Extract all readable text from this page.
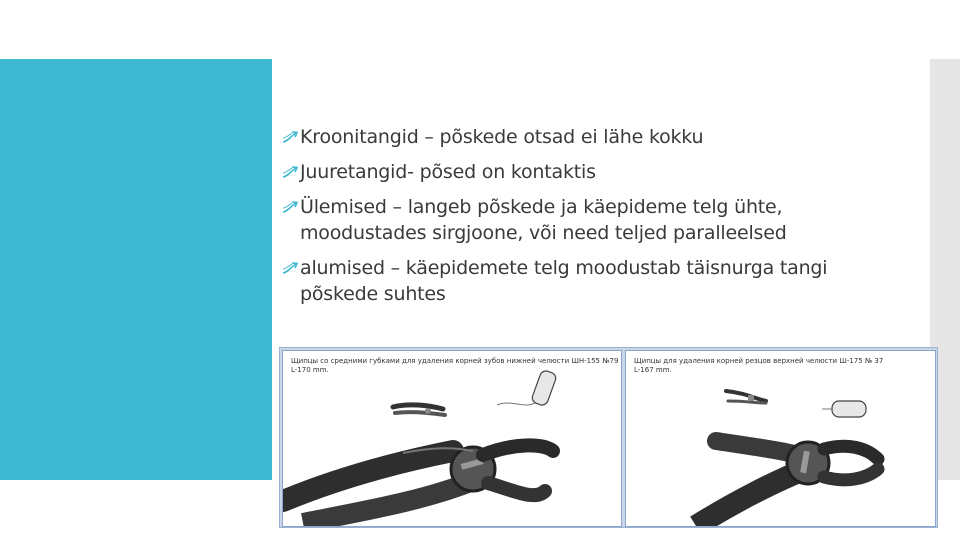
Kroonitangid – põskede otsad ei lähe kokku
Juuretangid- põsed on kontaktis
Ülemised – langeb põskede ja käepideme telg ühte, moodustades sirgjoone, või need teljed paralleelsed
alumised – käepidemete telg moodustab täisnurga tangi põskede suhtes
Щипцы со средними губками для удаления корней зубов нижней челюсти ШН-155 №79
L-170 mm.
Щипцы для удаления корней резцов верхней челюсти Ш-175 № 37
L-167 mm.
